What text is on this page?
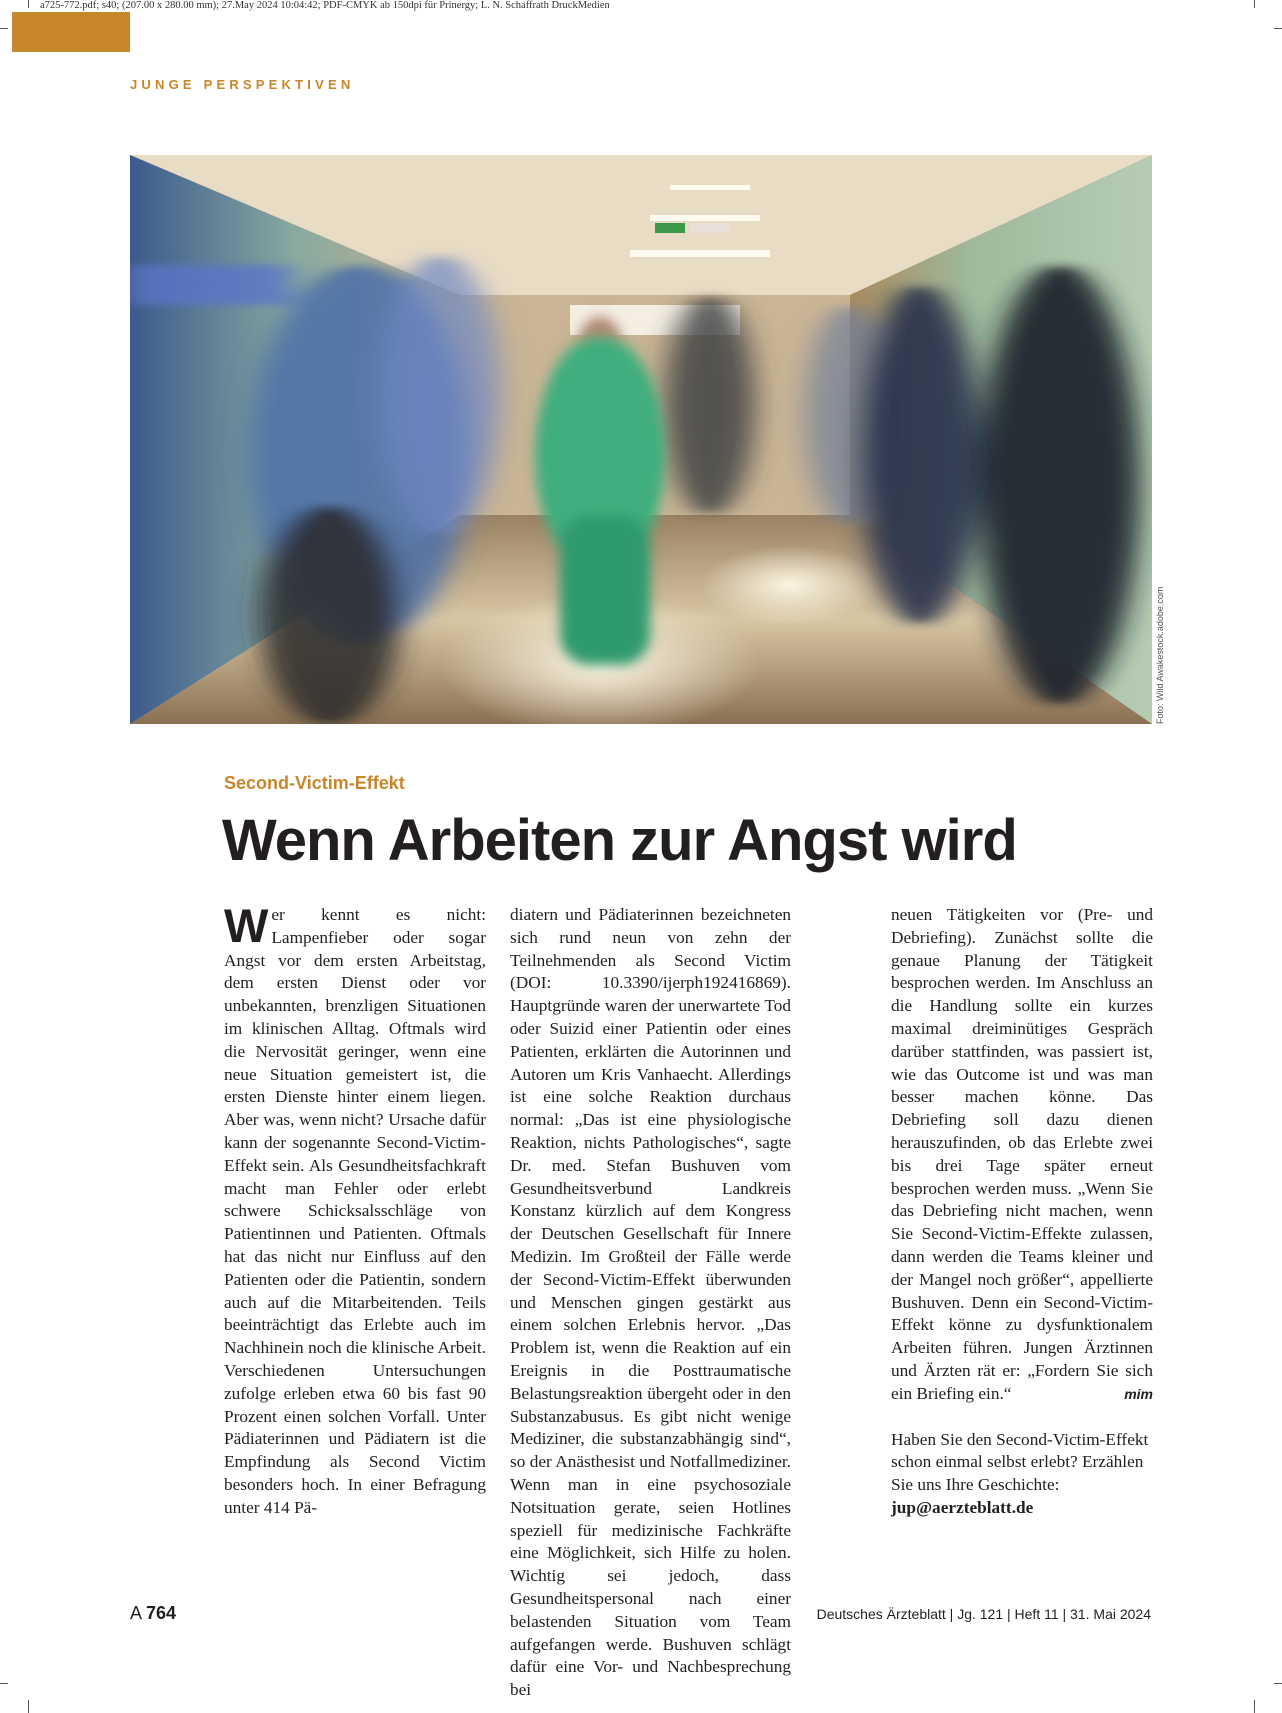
a725-772.pdf; s40; (207.00 x 280.00 mm); 27.May 2024 10:04:42; PDF-CMYK ab 150dpi für Prinergy; L. N. Schaffrath DruckMedien
JUNGE PERSPEKTIVEN
Foto: Wild Awakestock.adobe.com
Second-Victim-Effekt
Wenn Arbeiten zur Angst wird

Wer kennt es nicht: Lampenfieber oder sogar Angst vor dem ersten Arbeitstag, dem ersten Dienst oder vor unbekannten, brenzligen Situationen im klinischen Alltag. Oftmals wird die Nervosität geringer, wenn eine neue Situation gemeistert ist, die ersten Dienste hinter einem liegen. Aber was, wenn nicht? Ursache dafür kann der sogenannte Second-Victim-Effekt sein. Als Gesundheitsfachkraft macht man Fehler oder erlebt schwere Schicksalsschläge von Patientinnen und Patienten. Oftmals hat das nicht nur Einfluss auf den Patienten oder die Patientin, sondern auch auf die Mitarbeitenden. Teils beeinträchtigt das Erlebte auch im Nachhinein noch die klinische Arbeit. Verschiedenen Untersuchungen zufolge erleben etwa 60 bis fast 90 Prozent einen solchen Vorfall. Unter Pädiaterinnen und Pädiatern ist die Empfindung als Second Victim besonders hoch. In einer Befragung unter 414 Pä-

diatern und Pädiaterinnen bezeichneten sich rund neun von zehn der Teilnehmenden als Second Victim (DOI: 10.3390/ijerph192416869). Hauptgründe waren der unerwartete Tod oder Suizid einer Patientin oder eines Patienten, erklärten die Autorinnen und Autoren um Kris Vanhaecht. Allerdings ist eine solche Reaktion durchaus normal: „Das ist eine physiologische Reaktion, nichts Pathologisches“, sagte Dr. med. Stefan Bushuven vom Gesundheitsverbund Landkreis Konstanz kürzlich auf dem Kongress der Deutschen Gesellschaft für Innere Medizin. Im Großteil der Fälle werde der Second-Victim-Effekt überwunden und Menschen gingen gestärkt aus einem solchen Erlebnis hervor. „Das Problem ist, wenn die Reaktion auf ein Ereignis in die Posttraumatische Belastungsreaktion übergeht oder in den Substanzabusus. Es gibt nicht wenige Mediziner, die substanzabhängig sind“, so der Anästhesist und Notfallmediziner. Wenn man in eine psychosoziale Notsituation gerate, seien Hotlines speziell für medizinische Fachkräfte eine Möglichkeit, sich Hilfe zu holen. Wichtig sei jedoch, dass Gesundheitspersonal nach einer belastenden Situation vom Team aufgefangen werde. Bushuven schlägt dafür eine Vor- und Nachbesprechung bei

neuen Tätigkeiten vor (Pre- und Debriefing). Zunächst sollte die genaue Planung der Tätigkeit besprochen werden. Im Anschluss an die Handlung sollte ein kurzes maximal dreiminütiges Gespräch darüber stattfinden, was passiert ist, wie das Outcome ist und was man besser machen könne. Das Debriefing soll dazu dienen herauszufinden, ob das Erlebte zwei bis drei Tage später erneut besprochen werden muss. „Wenn Sie das Debriefing nicht machen, wenn Sie Second-Victim-Effekte zulassen, dann werden die Teams kleiner und der Mangel noch größer“, appellierte Bushuven. Denn ein Second-Victim-Effekt könne zu dysfunktionalem Arbeiten führen. Jungen Ärztinnen und Ärzten rät er: „Fordern Sie sich ein Briefing ein.“	mim

Haben Sie den Second-Victim-Effekt schon einmal selbst erlebt? Erzählen Sie uns Ihre Geschichte:
jup@aerzteblatt.de

A 764	Deutsches Ärzteblatt | Jg. 121 | Heft 11 | 31. Mai 2024
